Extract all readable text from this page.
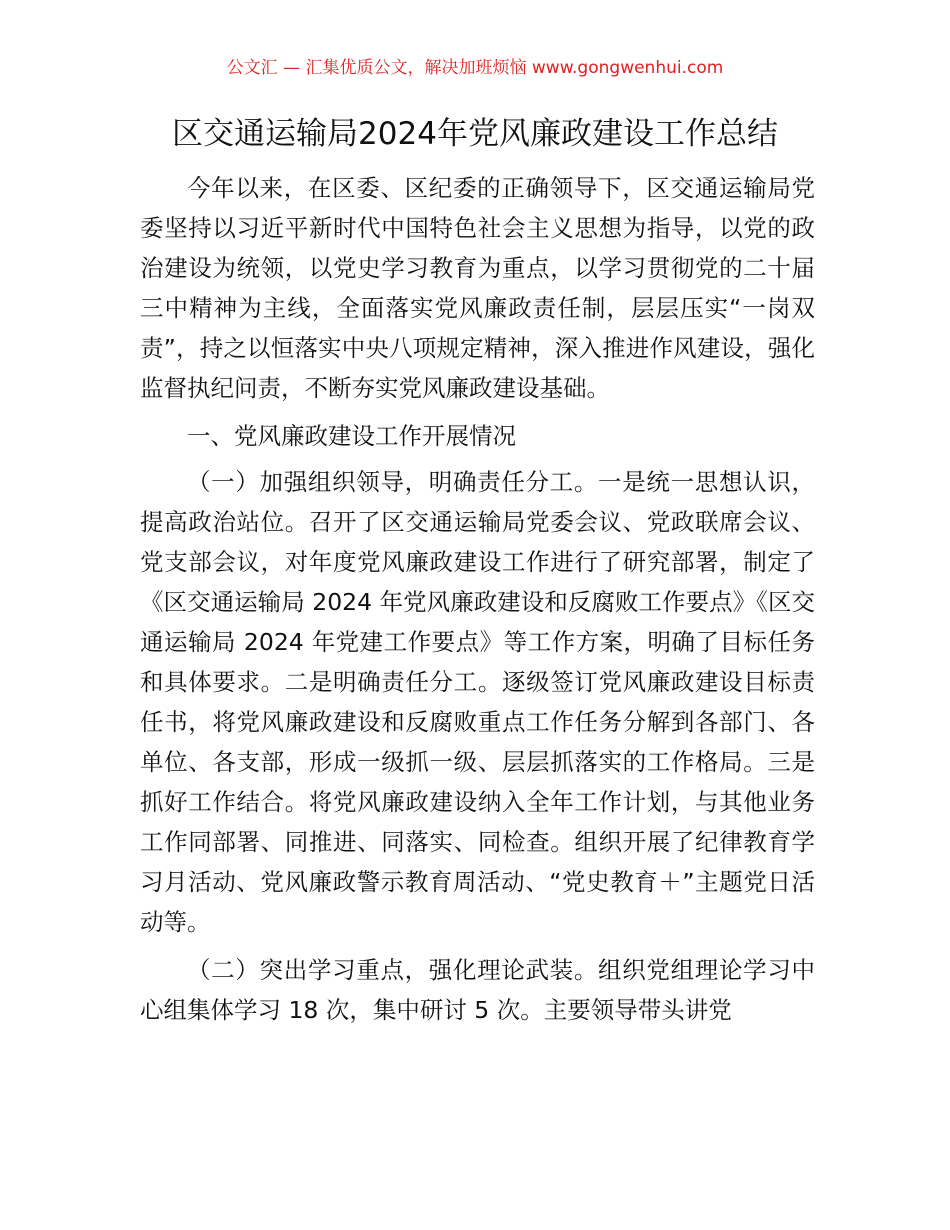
公文汇 — 汇集优质公文，解决加班烦恼 www.gongwenhui.com
区交通运输局2024年党风廉政建设工作总结

今年以来，在区委、区纪委的正确领导下，区交通运输局党委坚持以习近平新时代中国特色社会主义思想为指导，以党的政治建设为统领，以党史学习教育为重点，以学习贯彻党的二十届三中精神为主线，全面落实党风廉政责任制，层层压实“一岗双责”，持之以恒落实中央八项规定精神，深入推进作风建设，强化监督执纪问责，不断夯实党风廉政建设基础。

一、党风廉政建设工作开展情况

（一）加强组织领导，明确责任分工。一是统一思想认识，提高政治站位。召开了区交通运输局党委会议、党政联席会议、党支部会议，对年度党风廉政建设工作进行了研究部署，制定了《区交通运输局 2024 年党风廉政建设和反腐败工作要点》《区交通运输局 2024 年党建工作要点》等工作方案，明确了目标任务和具体要求。二是明确责任分工。逐级签订党风廉政建设目标责任书，将党风廉政建设和反腐败重点工作任务分解到各部门、各单位、各支部，形成一级抓一级、层层抓落实的工作格局。三是抓好工作结合。将党风廉政建设纳入全年工作计划，与其他业务工作同部署、同推进、同落实、同检查。组织开展了纪律教育学习月活动、党风廉政警示教育周活动、“党史教育＋”主题党日活动等。

（二）突出学习重点，强化理论武装。组织党组理论学习中心组集体学习 18 次，集中研讨 5 次。主要领导带头讲党
